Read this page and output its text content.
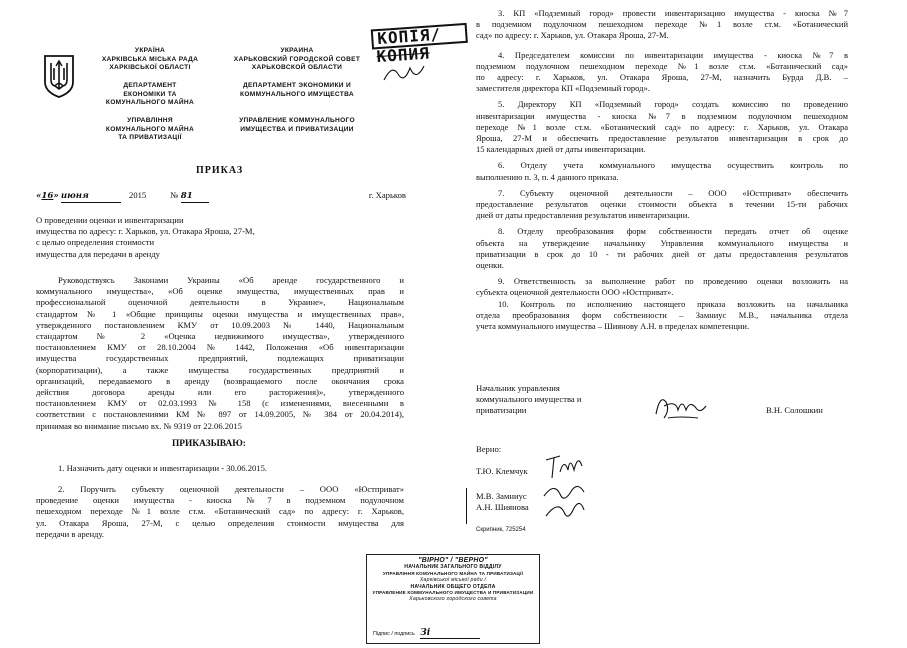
УКРАЇНА
ХАРКІВСЬКА МІСЬКА РАДА
ХАРКІВСЬКОЇ ОБЛАСТІ
ДЕПАРТАМЕНТ
ЕКОНОМІКИ ТА
КОМУНАЛЬНОГО МАЙНА
УПРАВЛІННЯ
КОМУНАЛЬНОГО МАЙНА
ТА ПРИВАТИЗАЦІЇ
УКРАИНА
ХАРЬКОВСКИЙ ГОРОДСКОЙ СОВЕТ
ХАРЬКОВСКОЙ ОБЛАСТИ
ДЕПАРТАМЕНТ ЭКОНОМИКИ И
КОММУНАЛЬНОГО ИМУЩЕСТВА
УПРАВЛЕНИЕ КОММУНАЛЬНОГО
ИМУЩЕСТВА И ПРИВАТИЗАЦИИ
КОПІЯ/
КОПИЯ
ПРИКАЗ
«16» июня	2015	№ 81	г. Харьков
О проведении оценки и инвентаризации
имущества по адресу: г. Харьков, ул. Отакара Яроша, 27-М,
с целью определения стоимости
имущества для передачи в аренду
Руководствуясь Законами Украины «Об аренде государственного и
коммунального имущества», «Об оценке имущества, имущественных прав и
профессиональной оценочной деятельности в Украине», Национальным
стандартом № 1 «Общие принципы оценки имущества и имущественных прав»,
утвержденного постановлением КМУ от 10.09.2003 № 1440, Национальным
стандартом № 2 «Оценка недвижимого имущества», утвержденного
постановлением КМУ от 28.10.2004 № 1442, Положения «Об инвентаризации
имущества государственных предприятий, подлежащих приватизации
(корпоратизации), а также имущества государственных предприятий и
организаций, передаваемого в аренду (возвращаемого после окончания срока
действия договора аренды или его расторжения)», утвержденного
постановлением КМУ от 02.03.1993 № 158 (с изменениями, внесенными в
соответствии с постановлениями КМ № 897 от 14.09.2005, № 384 от 20.04.2014),
принимая во внимание письмо вх. № 9319 от 22.06.2015
ПРИКАЗЫВАЮ:
1. Назначить дату оценки и инвентаризации - 30.06.2015.
2. Поручить субъекту оценочной деятельности – ООО «Юстприват»
проведение оценки имущества - киоска №7 в подземном подулочном
пешеходном переходе №1 возле ст.м. «Ботанический сад» по адресу: г. Харьков,
ул. Отакара Яроша, 27-М, с целью определения стоимости имущества для
передачи в аренду.
3. КП «Подземный город» провести инвентаризацию имущества - киоска №7
в подземном подулочном пешеходном переходе №1 возле ст.м. «Ботанический
сад» по адресу: г. Харьков, ул. Отакара Яроша, 27-М.
4. Председателем комиссии по инвентаризации имущества - киоска №7 в
подземном подулочном пешеходном переходе №1 возле ст.м. «Ботанический сад»
по адресу: г. Харьков, ул. Отакара Яроша, 27-М, назначить Бурда Д.В. –
заместителя директора КП «Подземный город».
5. Директору КП «Подземный город» создать комиссию по проведению
инвентаризации имущества - киоска №7 в подземном подулочном пешеходном
переходе №1 возле ст.м. «Ботанический сад» по адресу: г. Харьков, ул. Отакара
Ярошa, 27-М и обеспечить предоставление результатов инвентаризации в срок до
15 календарных дней от даты инвентаризации.
6. Отделу учета коммунального имущества осуществить контроль по
выполнению п. 3, п. 4 данного приказа.
7. Субъекту оценочной деятельности – ООО «Юстприват» обеспечить
предоставление результатов оценки стоимости объекта в течении 15-ти рабочих
дней от даты предоставления результатов инвентаризации.
8. Отделу преобразования форм собственности передать отчет об оценке
объекта на утверждение начальнику Управления коммунального имущества и
приватизации в срок до 10 - ти рабочих дней от даты предоставления результатов
оценки.
9. Ответственность за выполнение работ по проведению оценки возложить на
субъекта оценочной деятельности ООО «Юстприват».
10. Контроль по исполнению настоящего приказа возложить на начальника
отдела преобразования форм собственности – Замниус М.В., начальника отдела
учета коммунального имущества – Шиянову А.Н. в пределах компетенции.
Начальник управления
коммунального имущества и
приватизации	В.Н. Солошкин
Верно:
Т.Ю. Клемчук
М.В. Замниус
А.Н. Шиянова
Скрипник, 725254
"ВІРНО" / "ВЕРНО"
НАЧАЛЬНИК ЗАГАЛЬНОГО ВІДДІЛУ
УПРАВЛІННЯ КОМУНАЛЬНОГО МАЙНА ТА ПРИВАТИЗАЦІЇ
Харківської міської ради /
НАЧАЛЬНИК ОБЩЕГО ОТДЕЛА
УПРАВЛЕНИЕ КОММУНАЛЬНОГО ИМУЩЕСТВА И ПРИВАТИЗАЦИИ
Харьковского городского совета
Підпис / подпись Зі
